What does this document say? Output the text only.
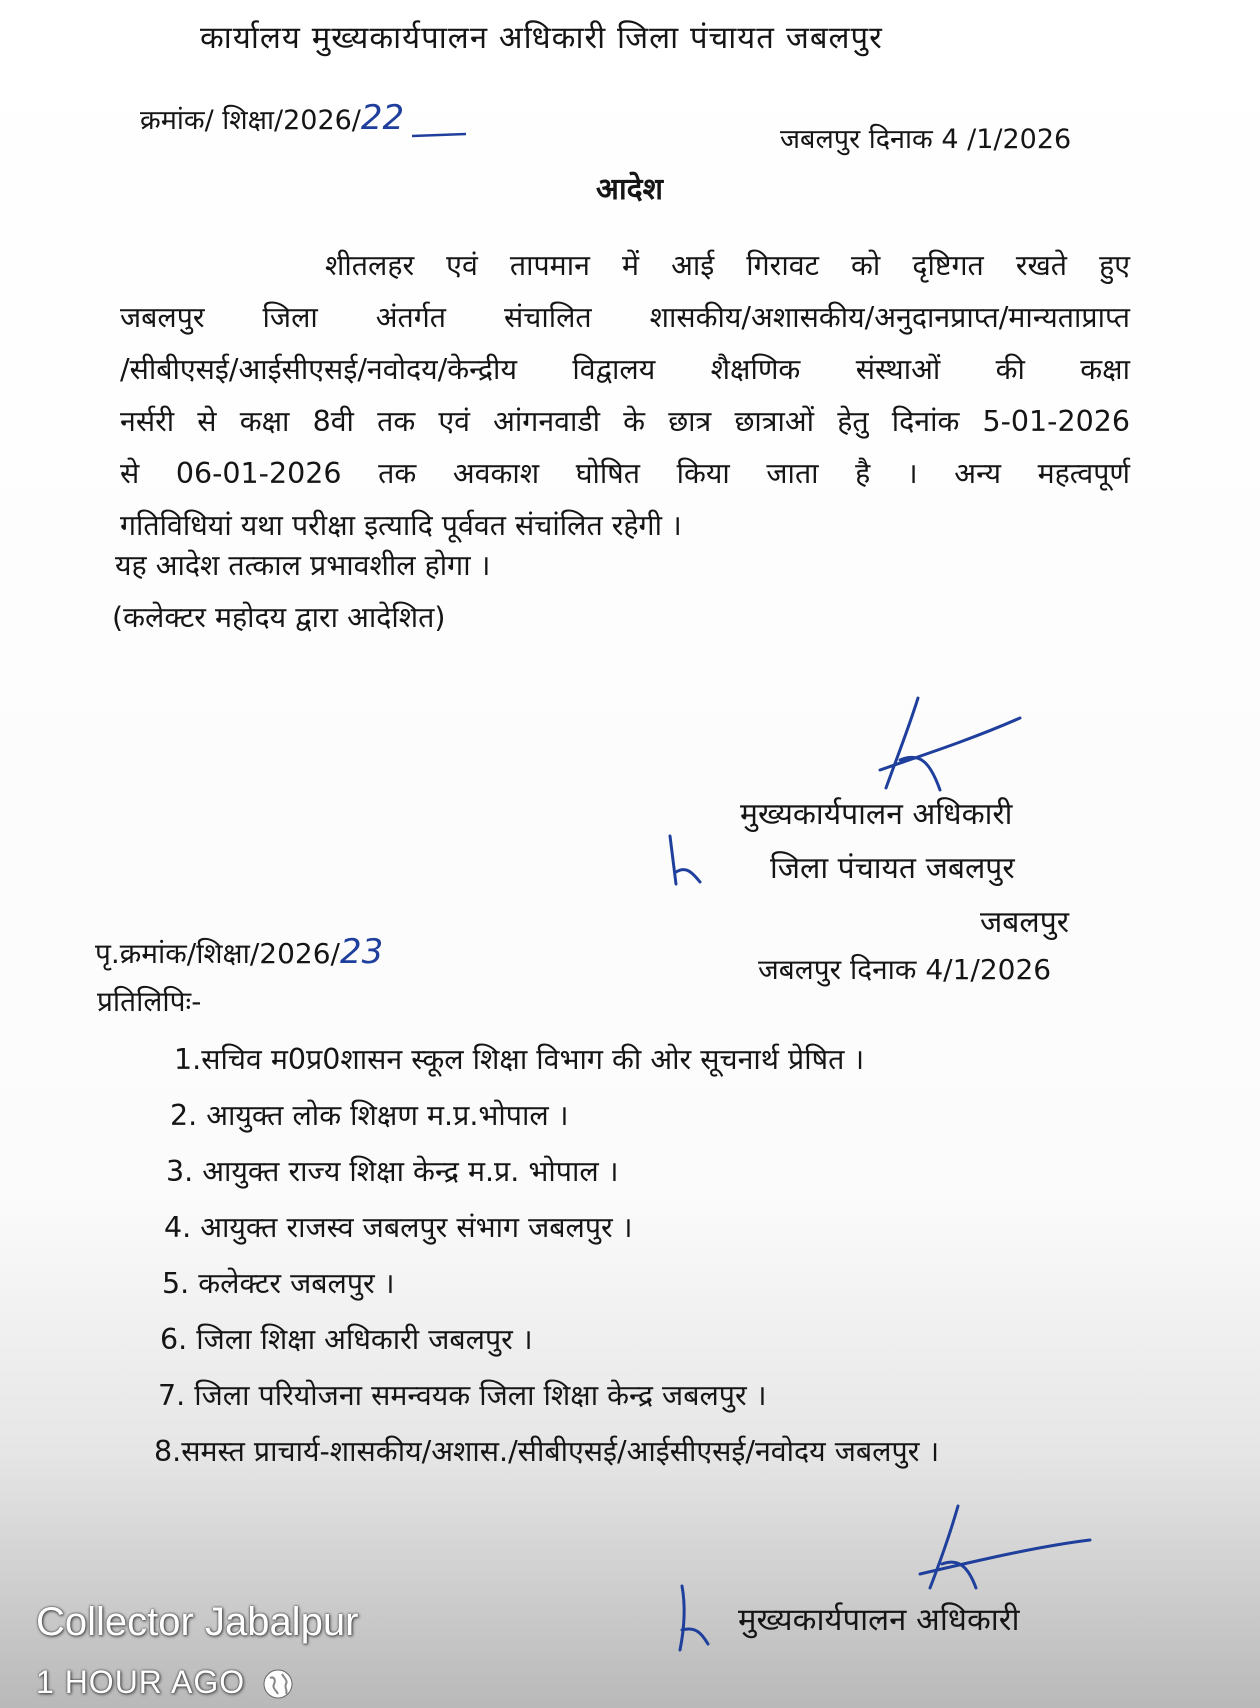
कार्यालय मुख्यकार्यपालन अधिकारी जिला पंचायत जबलपुर
क्रमांक/ शिक्षा/2026/22
जबलपुर दिनाक 4 /1/2026
आदेश
शीतलहर एवं तापमान में आई गिरावट को दृष्टिगत रखते हुए
जबलपुर जिला अंतर्गत संचालित शासकीय/अशासकीय/अनुदानप्राप्त/मान्यताप्राप्त
/सीबीएसई/आईसीएसई/नवोदय/केन्द्रीय विद्वालय शैक्षणिक संस्थाओं की कक्षा
नर्सरी से कक्षा 8वी तक एवं आंगनवाडी के छात्र छात्राओं हेतु दिनांक 5-01-2026
से 06-01-2026 तक अवकाश घोषित किया जाता है । अन्य महत्वपूर्ण
गतिविधियां यथा परीक्षा इत्यादि पूर्ववत संचांलित रहेगी ।
यह आदेश तत्काल प्रभावशील होगा ।
(कलेक्टर महोदय द्वारा आदेशित)
मुख्यकार्यपालन अधिकारी
जिला पंचायत जबलपुर
जबलपुर
पृ.क्रमांक/शिक्षा/2026/23	जबलपुर दिनाक 4/1/2026
प्रतिलिपिः-
1.सचिव म0प्र0शासन स्कूल शिक्षा विभाग की ओर सूचनार्थ प्रेषित ।
2. आयुक्त लोक शिक्षण म.प्र.भोपाल ।
3. आयुक्त राज्य शिक्षा केन्द्र म.प्र. भोपाल ।
4. आयुक्त राजस्व जबलपुर संभाग जबलपुर ।
5. कलेक्टर जबलपुर ।
6. जिला शिक्षा अधिकारी जबलपुर ।
7. जिला परियोजना समन्वयक जिला शिक्षा केन्द्र जबलपुर ।
8.समस्त प्राचार्य-शासकीय/अशास./सीबीएसई/आईसीएसई/नवोदय जबलपुर ।
मुख्यकार्यपालन अधिकारी
Collector Jabalpur
1 HOUR AGO
